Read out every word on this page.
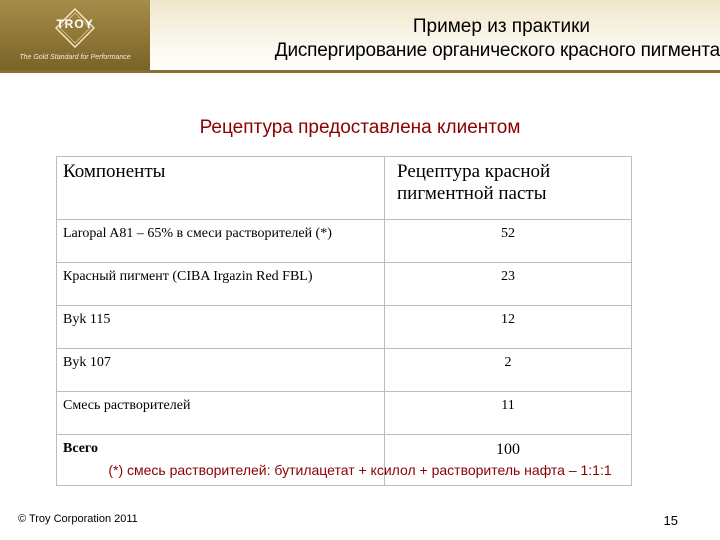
TROY
The Gold Standard for Performance
Пример из практики
Диспергирование органического красного пигмента
Рецептура предоставлена клиентом
Компоненты	Рецептура красной пигментной пасты
Laropal A81 – 65% в смеси растворителей (*)	52
Красный пигмент (CIBA Irgazin Red FBL)	23
Byk 115	12
Byk 107	2
Смесь растворителей	11
Всего	100
(*) смесь растворителей: бутилацетат + ксилол + растворитель нафта – 1:1:1
© Troy Corporation 2011	15
